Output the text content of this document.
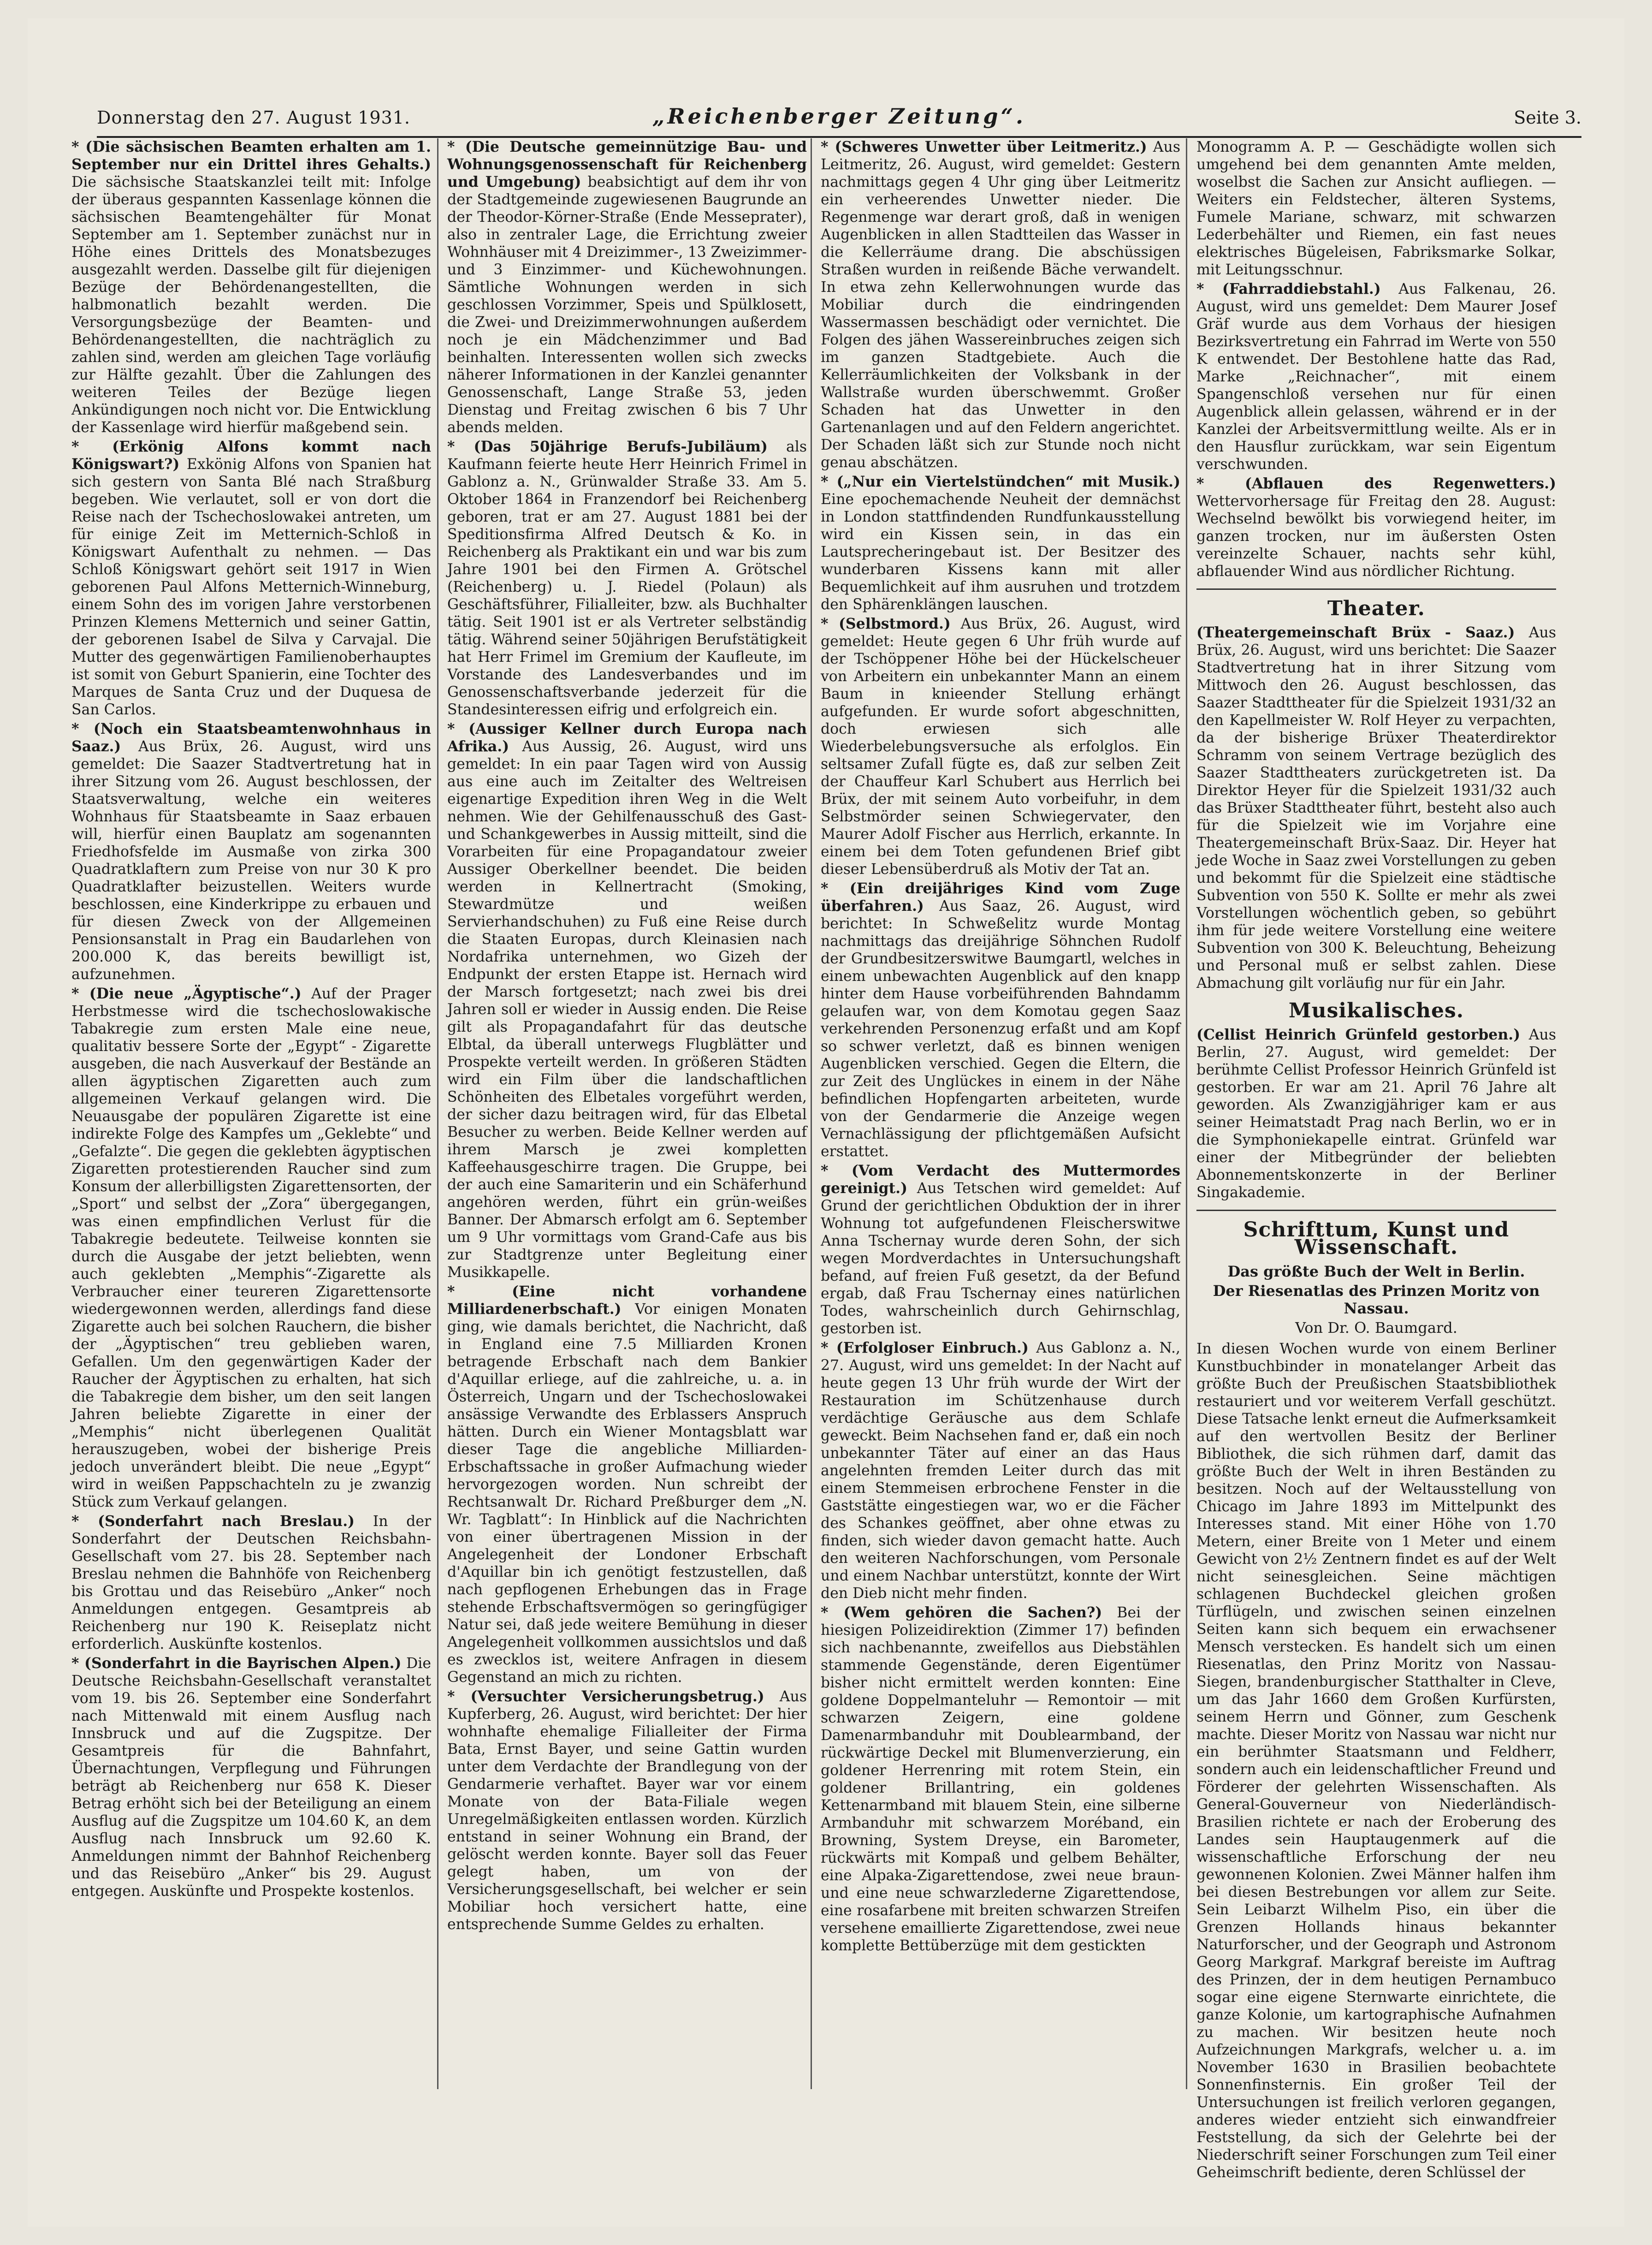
Donnerstag den 27. August 1931.	„Reichenberger Zeitung“.	Seite 3.

* (Die sächsischen Beamten erhalten am 1. September nur ein Drittel ihres Gehalts.) Die sächsische Staatskanzlei teilt mit: Infolge der überaus gespannten Kassenlage können die sächsischen Beamtengehälter für Monat September am 1. September zunächst nur in Höhe eines Drittels des Monatsbezuges ausgezahlt werden. Dasselbe gilt für diejenigen Bezüge der Behördenangestellten, die halbmonatlich bezahlt werden. Die Versorgungsbezüge der Beamten- und Behördenangestellten, die nachträglich zu zahlen sind, werden am gleichen Tage vorläufig zur Hälfte gezahlt. Über die Zahlungen des weiteren Teiles der Bezüge liegen Ankündigungen noch nicht vor. Die Entwicklung der Kassenlage wird hierfür maßgebend sein.

* (Erkönig Alfons kommt nach Königswart?) Exkönig Alfons von Spanien hat sich gestern von Santa Blé nach Straßburg begeben. Wie verlautet, soll er von dort die Reise nach der Tschechoslowakei antreten, um für einige Zeit im Metternich-Schloß in Königswart Aufenthalt zu nehmen. — Das Schloß Königswart gehört seit 1917 in Wien geborenen Paul Alfons Metternich-Winneburg, einem Sohn des im vorigen Jahre verstorbenen Prinzen Klemens Metternich und seiner Gattin, der geborenen Isabel de Silva y Carvajal. Die Mutter des gegenwärtigen Familienoberhauptes ist somit von Geburt Spanierin, eine Tochter des Marques de Santa Cruz und der Duquesa de San Carlos.

* (Noch ein Staatsbeamtenwohnhaus in Saaz.) Aus Brüx, 26. August, wird uns gemeldet: Die Saazer Stadtvertretung hat in ihrer Sitzung vom 26. August beschlossen, der Staatsverwaltung, welche ein weiteres Wohnhaus für Staatsbeamte in Saaz erbauen will, hierfür einen Bauplatz am sogenannten Friedhofsfelde im Ausmaße von zirka 300 Quadratklaftern zum Preise von nur 30 K pro Quadratklafter beizustellen. Weiters wurde beschlossen, eine Kinderkrippe zu erbauen und für diesen Zweck von der Allgemeinen Pensionsanstalt in Prag ein Baudarlehen von 200.000 K, das bereits bewilligt ist, aufzunehmen.

* (Die neue „Ägyptische“.) Auf der Prager Herbstmesse wird die tschechoslowakische Tabakregie zum ersten Male eine neue, qualitativ bessere Sorte der „Egypt“ - Zigarette ausgeben, die nach Ausverkauf der Bestände an allen ägyptischen Zigaretten auch zum allgemeinen Verkauf gelangen wird. Die Neuausgabe der populären Zigarette ist eine indirekte Folge des Kampfes um „Geklebte“ und „Gefalzte“. Die gegen die geklebten ägyptischen Zigaretten protestierenden Raucher sind zum Konsum der allerbilligsten Zigarettensorten, der „Sport“ und selbst der „Zora“ übergegangen, was einen empfindlichen Verlust für die Tabakregie bedeutete. Teilweise konnten sie durch die Ausgabe der jetzt beliebten, wenn auch geklebten „Memphis“-Zigarette als Verbraucher einer teureren Zigarettensorte wiedergewonnen werden, allerdings fand diese Zigarette auch bei solchen Rauchern, die bisher der „Ägyptischen“ treu geblieben waren, Gefallen. Um den gegenwärtigen Kader der Raucher der Ägyptischen zu erhalten, hat sich die Tabakregie dem bisher, um den seit langen Jahren beliebte Zigarette in einer der „Memphis“ nicht überlegenen Qualität herauszugeben, wobei der bisherige Preis jedoch unverändert bleibt. Die neue „Egypt“ wird in weißen Pappschachteln zu je zwanzig Stück zum Verkauf gelangen.

* (Sonderfahrt nach Breslau.) In der Sonderfahrt der Deutschen Reichsbahn-Gesellschaft vom 27. bis 28. September nach Breslau nehmen die Bahnhöfe von Reichenberg bis Grottau und das Reisebüro „Anker“ noch Anmeldungen entgegen. Gesamtpreis ab Reichenberg nur 190 K. Reiseplatz nicht erforderlich. Auskünfte kostenlos.

* (Sonderfahrt in die Bayrischen Alpen.) Die Deutsche Reichsbahn-Gesellschaft veranstaltet vom 19. bis 26. September eine Sonderfahrt nach Mittenwald mit einem Ausflug nach Innsbruck und auf die Zugspitze. Der Gesamtpreis für die Bahnfahrt, Übernachtungen, Verpflegung und Führungen beträgt ab Reichenberg nur 658 K. Dieser Betrag erhöht sich bei der Beteiligung an einem Ausflug auf die Zugspitze um 104.60 K, an dem Ausflug nach Innsbruck um 92.60 K. Anmeldungen nimmt der Bahnhof Reichenberg und das Reisebüro „Anker“ bis 29. August entgegen. Auskünfte und Prospekte kostenlos.

* (Die Deutsche gemeinnützige Bau- und Wohnungsgenossenschaft für Reichenberg und Umgebung) beabsichtigt auf dem ihr von der Stadtgemeinde zugewiesenen Baugrunde an der Theodor-Körner-Straße (Ende Messeprater), also in zentraler Lage, die Errichtung zweier Wohnhäuser mit 4 Dreizimmer-, 13 Zweizimmer- und 3 Einzimmer- und Küchewohnungen. Sämtliche Wohnungen werden in sich geschlossen Vorzimmer, Speis und Spülklosett, die Zwei- und Dreizimmerwohnungen außerdem noch je ein Mädchenzimmer und Bad beinhalten. Interessenten wollen sich zwecks näherer Informationen in der Kanzlei genannter Genossenschaft, Lange Straße 53, jeden Dienstag und Freitag zwischen 6 bis 7 Uhr abends melden.

* (Das 50jährige Berufs-Jubiläum) als Kaufmann feierte heute Herr Heinrich Frimel in Gablonz a. N., Grünwalder Straße 33. Am 5. Oktober 1864 in Franzendorf bei Reichenberg geboren, trat er am 27. August 1881 bei der Speditionsfirma Alfred Deutsch & Ko. in Reichenberg als Praktikant ein und war bis zum Jahre 1901 bei den Firmen A. Grötschel (Reichenberg) u. J. Riedel (Polaun) als Geschäftsführer, Filialleiter, bzw. als Buchhalter tätig. Seit 1901 ist er als Vertreter selbständig tätig. Während seiner 50jährigen Berufstätigkeit hat Herr Frimel im Gremium der Kaufleute, im Vorstande des Landesverbandes und im Genossenschaftsverbande jederzeit für die Standesinteressen eifrig und erfolgreich ein.

* (Aussiger Kellner durch Europa nach Afrika.) Aus Aussig, 26. August, wird uns gemeldet: In ein paar Tagen wird von Aussig aus eine auch im Zeitalter des Weltreisen eigenartige Expedition ihren Weg in die Welt nehmen. Wie der Gehilfenausschuß des Gast- und Schankgewerbes in Aussig mitteilt, sind die Vorarbeiten für eine Propagandatour zweier Aussiger Oberkellner beendet. Die beiden werden in Kellnertracht (Smoking, Stewardmütze und weißen Servierhandschuhen) zu Fuß eine Reise durch die Staaten Europas, durch Kleinasien nach Nordafrika unternehmen, wo Gizeh der Endpunkt der ersten Etappe ist. Hernach wird der Marsch fortgesetzt; nach zwei bis drei Jahren soll er wieder in Aussig enden. Die Reise gilt als Propagandafahrt für das deutsche Elbtal, da überall unterwegs Flugblätter und Prospekte verteilt werden. In größeren Städten wird ein Film über die landschaftlichen Schönheiten des Elbetales vorgeführt werden, der sicher dazu beitragen wird, für das Elbetal Besucher zu werben. Beide Kellner werden auf ihrem Marsch je zwei kompletten Kaffeehausgeschirre tragen. Die Gruppe, bei der auch eine Samariterin und ein Schäferhund angehören werden, führt ein grün-weißes Banner. Der Abmarsch erfolgt am 6. September um 9 Uhr vormittags vom Grand-Cafe aus bis zur Stadtgrenze unter Begleitung einer Musikkapelle.

* (Eine nicht vorhandene Milliardenerbschaft.) Vor einigen Monaten ging, wie damals berichtet, die Nachricht, daß in England eine 7.5 Milliarden Kronen betragende Erbschaft nach dem Bankier d'Aquillar erliege, auf die zahlreiche, u. a. in Österreich, Ungarn und der Tschechoslowakei ansässige Verwandte des Erblassers Anspruch hätten. Durch ein Wiener Montagsblatt war dieser Tage die angebliche Milliarden-Erbschaftssache in großer Aufmachung wieder hervorgezogen worden. Nun schreibt der Rechtsanwalt Dr. Richard Preßburger dem „N. Wr. Tagblatt“: In Hinblick auf die Nachrichten von einer übertragenen Mission in der Angelegenheit der Londoner Erbschaft d'Aquillar bin ich genötigt festzustellen, daß nach gepflogenen Erhebungen das in Frage stehende Erbschaftsvermögen so geringfügiger Natur sei, daß jede weitere Bemühung in dieser Angelegenheit vollkommen aussichtslos und daß es zwecklos ist, weitere Anfragen in diesem Gegenstand an mich zu richten.

* (Versuchter Versicherungsbetrug.) Aus Kupferberg, 26. August, wird berichtet: Der hier wohnhafte ehemalige Filialleiter der Firma Bata, Ernst Bayer, und seine Gattin wurden unter dem Verdachte der Brandlegung von der Gendarmerie verhaftet. Bayer war vor einem Monate von der Bata-Filiale wegen Unregelmäßigkeiten entlassen worden. Kürzlich entstand in seiner Wohnung ein Brand, der gelöscht werden konnte. Bayer soll das Feuer gelegt haben, um von der Versicherungsgesellschaft, bei welcher er sein Mobiliar hoch versichert hatte, eine entsprechende Summe Geldes zu erhalten.

* (Schweres Unwetter über Leitmeritz.) Aus Leitmeritz, 26. August, wird gemeldet: Gestern nachmittags gegen 4 Uhr ging über Leitmeritz ein verheerendes Unwetter nieder. Die Regenmenge war derart groß, daß in wenigen Augenblicken in allen Stadtteilen das Wasser in die Kellerräume drang. Die abschüssigen Straßen wurden in reißende Bäche verwandelt. In etwa zehn Kellerwohnungen wurde das Mobiliar durch die eindringenden Wassermassen beschädigt oder vernichtet. Die Folgen des jähen Wassereinbruches zeigen sich im ganzen Stadtgebiete. Auch die Kellerräumlichkeiten der Volksbank in der Wallstraße wurden überschwemmt. Großer Schaden hat das Unwetter in den Gartenanlagen und auf den Feldern angerichtet. Der Schaden läßt sich zur Stunde noch nicht genau abschätzen.

* („Nur ein Viertelstündchen“ mit Musik.) Eine epochemachende Neuheit der demnächst in London stattfindenden Rundfunkausstellung wird ein Kissen sein, in das ein Lautsprecheringebaut ist. Der Besitzer des wunderbaren Kissens kann mit aller Bequemlichkeit auf ihm ausruhen und trotzdem den Sphärenklängen lauschen.

* (Selbstmord.) Aus Brüx, 26. August, wird gemeldet: Heute gegen 6 Uhr früh wurde auf der Tschöppener Höhe bei der Hückelscheuer von Arbeitern ein unbekannter Mann an einem Baum in knieender Stellung erhängt aufgefunden. Er wurde sofort abgeschnitten, doch erwiesen sich alle Wiederbelebungsversuche als erfolglos. Ein seltsamer Zufall fügte es, daß zur selben Zeit der Chauffeur Karl Schubert aus Herrlich bei Brüx, der mit seinem Auto vorbeifuhr, in dem Selbstmörder seinen Schwiegervater, den Maurer Adolf Fischer aus Herrlich, erkannte. In einem bei dem Toten gefundenen Brief gibt dieser Lebensüberdruß als Motiv der Tat an.

* (Ein dreijähriges Kind vom Zuge überfahren.) Aus Saaz, 26. August, wird berichtet: In Schweßelitz wurde Montag nachmittags das dreijährige Söhnchen Rudolf der Grundbesitzerswitwe Baumgartl, welches in einem unbewachten Augenblick auf den knapp hinter dem Hause vorbeiführenden Bahndamm gelaufen war, von dem Komotau gegen Saaz verkehrenden Personenzug erfaßt und am Kopf so schwer verletzt, daß es binnen wenigen Augenblicken verschied. Gegen die Eltern, die zur Zeit des Unglückes in einem in der Nähe befindlichen Hopfengarten arbeiteten, wurde von der Gendarmerie die Anzeige wegen Vernachlässigung der pflichtgemäßen Aufsicht erstattet.

* (Vom Verdacht des Muttermordes gereinigt.) Aus Tetschen wird gemeldet: Auf Grund der gerichtlichen Obduktion der in ihrer Wohnung tot aufgefundenen Fleischerswitwe Anna Tschernay wurde deren Sohn, der sich wegen Mordverdachtes in Untersuchungshaft befand, auf freien Fuß gesetzt, da der Befund ergab, daß Frau Tschernay eines natürlichen Todes, wahrscheinlich durch Gehirnschlag, gestorben ist.

* (Erfolgloser Einbruch.) Aus Gablonz a. N., 27. August, wird uns gemeldet: In der Nacht auf heute gegen 13 Uhr früh wurde der Wirt der Restauration im Schützenhause durch verdächtige Geräusche aus dem Schlafe geweckt. Beim Nachsehen fand er, daß ein noch unbekannter Täter auf einer an das Haus angelehnten fremden Leiter durch das mit einem Stemmeisen erbrochene Fenster in die Gaststätte eingestiegen war, wo er die Fächer des Schankes geöffnet, aber ohne etwas zu finden, sich wieder davon gemacht hatte. Auch den weiteren Nachforschungen, vom Personale und einem Nachbar unterstützt, konnte der Wirt den Dieb nicht mehr finden.

* (Wem gehören die Sachen?) Bei der hiesigen Polizeidirektion (Zimmer 17) befinden sich nachbenannte, zweifellos aus Diebstählen stammende Gegenstände, deren Eigentümer bisher nicht ermittelt werden konnten: Eine goldene Doppelmanteluhr — Remontoir — mit schwarzen Zeigern, eine goldene Damenarmbanduhr mit Doublearmband, der rückwärtige Deckel mit Blumenverzierung, ein goldener Herrenring mit rotem Stein, ein goldener Brillantring, ein goldenes Kettenarmband mit blauem Stein, eine silberne Armbanduhr mit schwarzem Moréband, ein Browning, System Dreyse, ein Barometer, rückwärts mit Kompaß und gelbem Behälter, eine Alpaka-Zigarettendose, zwei neue braun- und eine neue schwarzlederne Zigarettendose, eine rosafarbene mit breiten schwarzen Streifen versehene emaillierte Zigarettendose, zwei neue komplette Bettüberzüge mit dem gestickten

Monogramm A. P. — Geschädigte wollen sich umgehend bei dem genannten Amte melden, woselbst die Sachen zur Ansicht aufliegen. — Weiters ein Feldstecher, älteren Systems, Fumele Mariane, schwarz, mit schwarzen Lederbehälter und Riemen, ein fast neues elektrisches Bügeleisen, Fabriksmarke Solkar, mit Leitungsschnur.

* (Fahrraddiebstahl.) Aus Falkenau, 26. August, wird uns gemeldet: Dem Maurer Josef Gräf wurde aus dem Vorhaus der hiesigen Bezirksvertretung ein Fahrrad im Werte von 550 K entwendet. Der Bestohlene hatte das Rad, Marke „Reichnacher“, mit einem Spangenschloß versehen nur für einen Augenblick allein gelassen, während er in der Kanzlei der Arbeitsvermittlung weilte. Als er in den Hausflur zurückkam, war sein Eigentum verschwunden.

* (Abflauen des Regenwetters.) Wettervorhersage für Freitag den 28. August: Wechselnd bewölkt bis vorwiegend heiter, im ganzen trocken, nur im äußersten Osten vereinzelte Schauer, nachts sehr kühl, abflauender Wind aus nördlicher Richtung.

Theater.

(Theatergemeinschaft Brüx - Saaz.) Aus Brüx, 26. August, wird uns berichtet: Die Saazer Stadtvertretung hat in ihrer Sitzung vom Mittwoch den 26. August beschlossen, das Saazer Stadttheater für die Spielzeit 1931/32 an den Kapellmeister W. Rolf Heyer zu verpachten, da der bisherige Brüxer Theaterdirektor Schramm von seinem Vertrage bezüglich des Saazer Stadttheaters zurückgetreten ist. Da Direktor Heyer für die Spielzeit 1931/32 auch das Brüxer Stadttheater führt, besteht also auch für die Spielzeit wie im Vorjahre eine Theatergemeinschaft Brüx-Saaz. Dir. Heyer hat jede Woche in Saaz zwei Vorstellungen zu geben und bekommt für die Spielzeit eine städtische Subvention von 550 K. Sollte er mehr als zwei Vorstellungen wöchentlich geben, so gebührt ihm für jede weitere Vorstellung eine weitere Subvention von 300 K. Beleuchtung, Beheizung und Personal muß er selbst zahlen. Diese Abmachung gilt vorläufig nur für ein Jahr.

Musikalisches.

(Cellist Heinrich Grünfeld gestorben.) Aus Berlin, 27. August, wird gemeldet: Der berühmte Cellist Professor Heinrich Grünfeld ist gestorben. Er war am 21. April 76 Jahre alt geworden. Als Zwanzigjähriger kam er aus seiner Heimatstadt Prag nach Berlin, wo er in die Symphoniekapelle eintrat. Grünfeld war einer der Mitbegründer der beliebten Abonnementskonzerte in der Berliner Singakademie.

Schrifttum, Kunst und Wissenschaft.
Das größte Buch der Welt in Berlin.
Der Riesenatlas des Prinzen Moritz von Nassau.
Von Dr. O. Baumgard.

In diesen Wochen wurde von einem Berliner Kunstbuchbinder in monatelanger Arbeit das größte Buch der Preußischen Staatsbibliothek restauriert und vor weiterem Verfall geschützt. Diese Tatsache lenkt erneut die Aufmerksamkeit auf den wertvollen Besitz der Berliner Bibliothek, die sich rühmen darf, damit das größte Buch der Welt in ihren Beständen zu besitzen. Noch auf der Weltausstellung von Chicago im Jahre 1893 im Mittelpunkt des Interesses stand. Mit einer Höhe von 1.70 Metern, einer Breite von 1 Meter und einem Gewicht von 2½ Zentnern findet es auf der Welt nicht seinesgleichen. Seine mächtigen schlagenen Buchdeckel gleichen großen Türflügeln, und zwischen seinen einzelnen Seiten kann sich bequem ein erwachsener Mensch verstecken. Es handelt sich um einen Riesenatlas, den Prinz Moritz von Nassau-Siegen, brandenburgischer Statthalter in Cleve, um das Jahr 1660 dem Großen Kurfürsten, seinem Herrn und Gönner, zum Geschenk machte. Dieser Moritz von Nassau war nicht nur ein berühmter Staatsmann und Feldherr, sondern auch ein leidenschaftlicher Freund und Förderer der gelehrten Wissenschaften. Als General-Gouverneur von Niederländisch-Brasilien richtete er nach der Eroberung des Landes sein Hauptaugenmerk auf die wissenschaftliche Erforschung der neu gewonnenen Kolonien. Zwei Männer halfen ihm bei diesen Bestrebungen vor allem zur Seite. Sein Leibarzt Wilhelm Piso, ein über die Grenzen Hollands hinaus bekannter Naturforscher, und der Geograph und Astronom Georg Markgraf. Markgraf bereiste im Auftrag des Prinzen, der in dem heutigen Pernambuco sogar eine eigene Sternwarte einrichtete, die ganze Kolonie, um kartographische Aufnahmen zu machen. Wir besitzen heute noch Aufzeichnungen Markgrafs, welcher u. a. im November 1630 in Brasilien beobachtete Sonnenfinsternis. Ein großer Teil der Untersuchungen ist freilich verloren gegangen, anderes wieder entzieht sich einwandfreier Feststellung, da sich der Gelehrte bei der Niederschrift seiner Forschungen zum Teil einer Geheimschrift bediente, deren Schlüssel der
